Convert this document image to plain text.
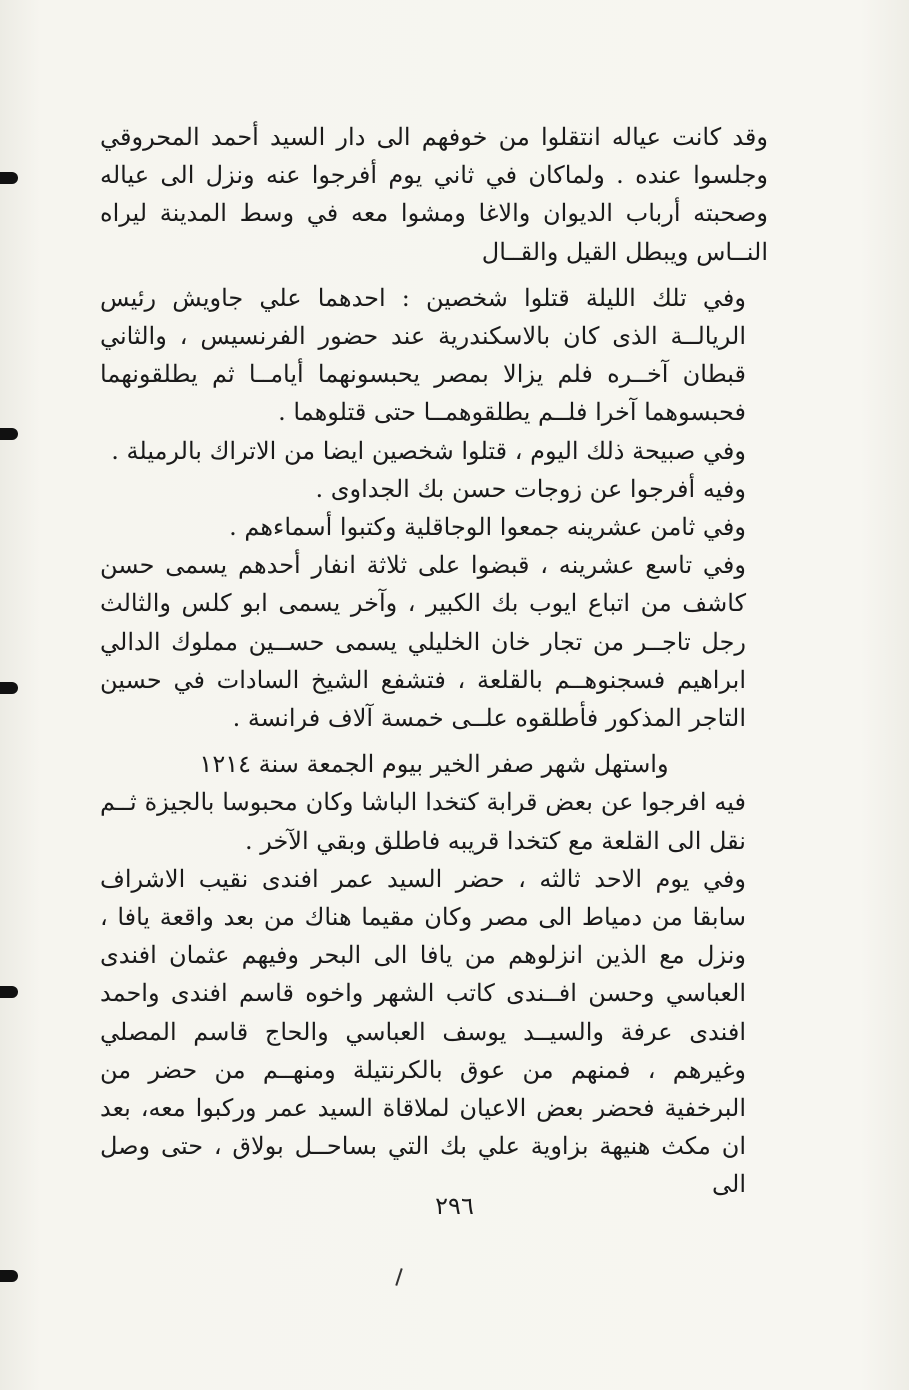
وقد كانت عياله انتقلوا من خوفهم الى دار السيد أحمد المحروقي وجلسوا عنده . ولماكان في ثاني يوم أفرجوا عنه ونزل الى عياله وصحبته أرباب الديوان والاغا ومشوا معه في وسط المدينة ليراه النــاس ويبطل القيل والقــال

وفي تلك الليلة قتلوا شخصين : احدهما علي جاويش رئيس الريالــة الذى كان بالاسكندرية عند حضور الفرنسيس ، والثاني قبطان آخــره فلم يزالا بمصر يحبسونهما أيامــا ثم يطلقونهما فحبسوهما آخرا فلــم يطلقوهمــا حتى قتلوهما .

وفي صبيحة ذلك اليوم ، قتلوا شخصين ايضا من الاتراك بالرميلة .

وفيه أفرجوا عن زوجات حسن بك الجداوى .

وفي ثامن عشرينه جمعوا الوجاقلية وكتبوا أسماءهم .

وفي تاسع عشرينه ، قبضوا على ثلاثة انفار أحدهم يسمى حسن كاشف من اتباع ايوب بك الكبير ، وآخر يسمى ابو كلس والثالث رجل تاجــر من تجار خان الخليلي يسمى حســين مملوك الدالي ابراهيم فسجنوهــم بالقلعة ، فتشفع الشيخ السادات في حسين التاجر المذكور فأطلقوه علــى خمسة آلاف فرانسة .

واستهل شهر صفر الخير بيوم الجمعة سنة ١٢١٤

فيه افرجوا عن بعض قرابة كتخدا الباشا وكان محبوسا بالجيزة ثــم نقل الى القلعة مع كتخدا قريبه فاطلق وبقي الآخر .

وفي يوم الاحد ثالثه ، حضر السيد عمر افندى نقيب الاشراف سابقا من دمياط الى مصر وكان مقيما هناك من بعد واقعة يافا ، ونزل مع الذين انزلوهم من يافا الى البحر وفيهم عثمان افندى العباسي وحسن افــندى كاتب الشهر واخوه قاسم افندى واحمد افندى عرفة والسيــد يوسف العباسي والحاج قاسم المصلي وغيرهم ، فمنهم من عوق بالكرنتيلة ومنهــم من حضر من البرخفية فحضر بعض الاعيان لملاقاة السيد عمر وركبوا معه، بعد ان مكث هنيهة بزاوية علي بك التي بساحــل بولاق ، حتى وصل الى

٢٩٦
